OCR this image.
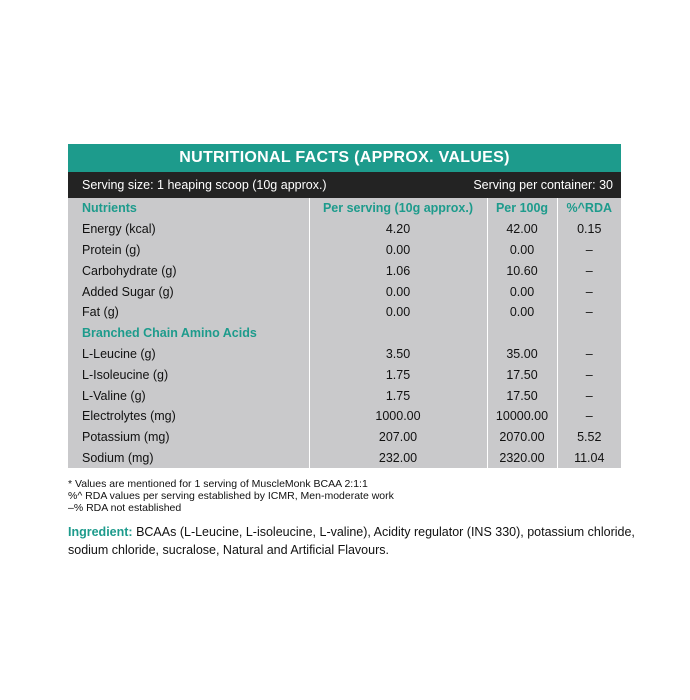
NUTRITIONAL FACTS (APPROX. VALUES)
Serving size: 1 heaping scoop (10g approx.)	Serving per container: 30
Nutrients	Per serving (10g approx.)	Per 100g	%^RDA
Energy (kcal)	4.20	42.00	0.15
Protein (g)	0.00	0.00	–
Carbohydrate (g)	1.06	10.60	–
Added Sugar (g)	0.00	0.00	–
Fat (g)	0.00	0.00	–
Branched Chain Amino Acids			
L-Leucine (g)	3.50	35.00	–
L-Isoleucine (g)	1.75	17.50	–
L-Valine (g)	1.75	17.50	–
Electrolytes (mg)	1000.00	10000.00	–
Potassium (mg)	207.00	2070.00	5.52
Sodium (mg)	232.00	2320.00	11.04
* Values are mentioned for 1 serving of MuscleMonk BCAA 2:1:1
%^ RDA values per serving established by ICMR, Men-moderate work
–% RDA not established
Ingredient: BCAAs (L-Leucine, L-isoleucine, L-valine), Acidity regulator (INS 330), potassium chloride, sodium chloride, sucralose, Natural and Artificial Flavours.
